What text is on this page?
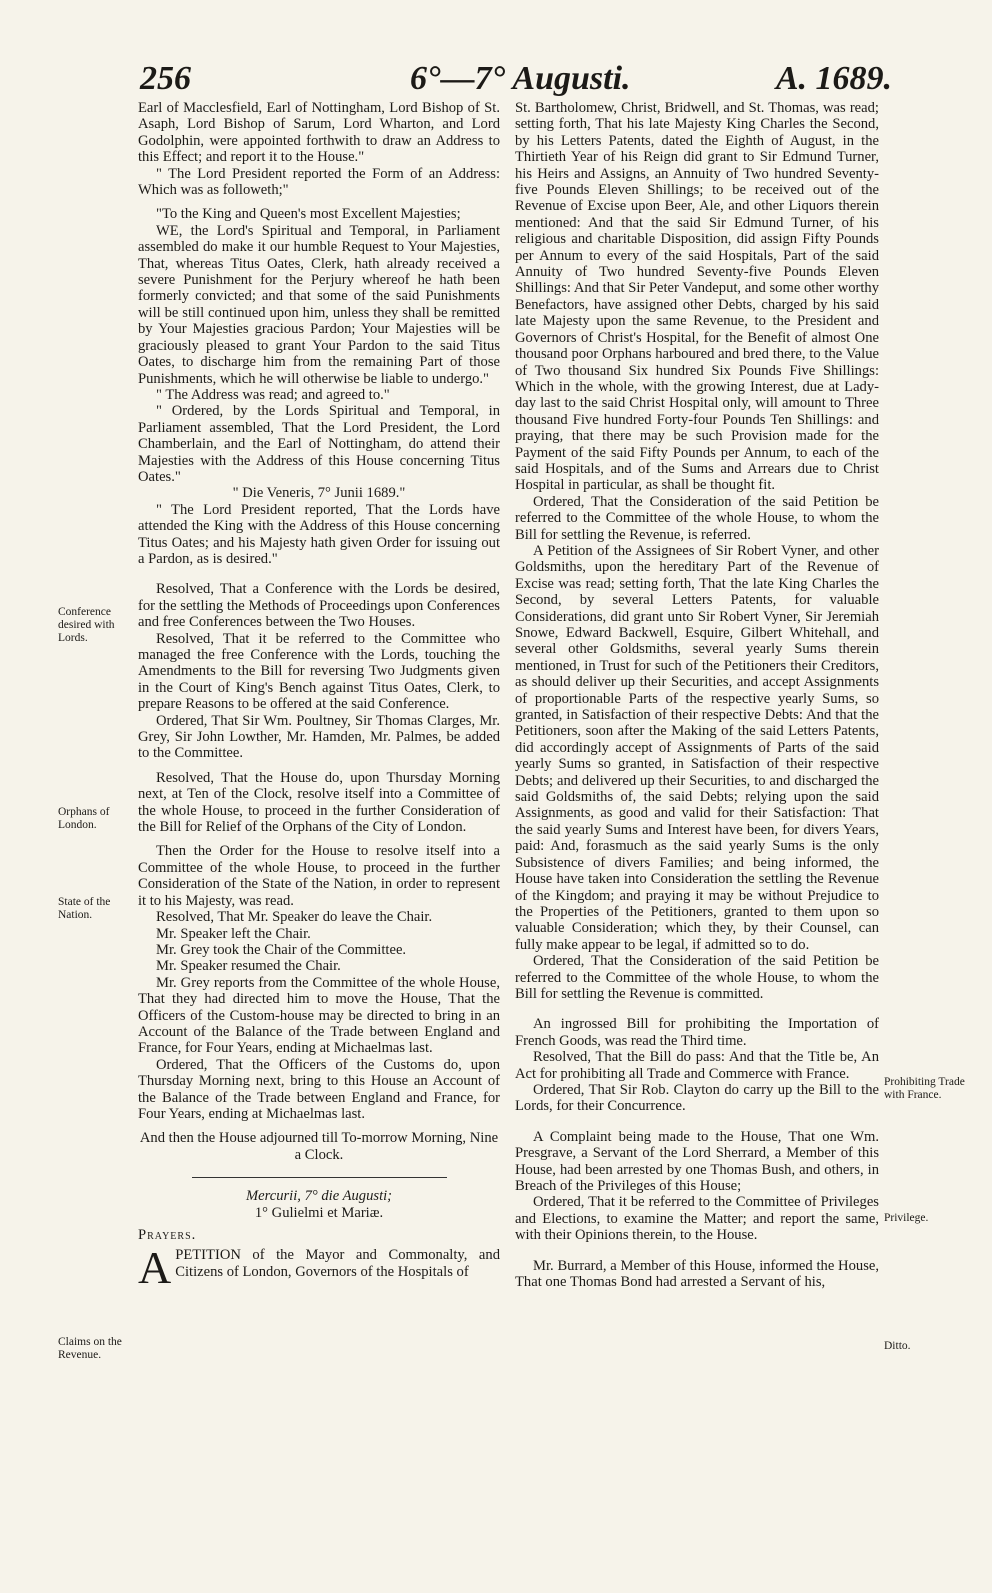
256	6°—7° Augusti.	A. 1689.

Earl of Macclesfield, Earl of Nottingham, Lord Bishop of St. Asaph, Lord Bishop of Sarum, Lord Wharton, and Lord Godolphin, were appointed forthwith to draw an Address to this Effect; and report it to the House."

" The Lord President reported the Form of an Address: Which was as followeth;"

"To the King and Queen's most Excellent Majesties;

WE, the Lord's Spiritual and Temporal, in Parliament assembled do make it our humble Request to Your Majesties, That, whereas Titus Oates, Clerk, hath already received a severe Punishment for the Perjury whereof he hath been formerly convicted; and that some of the said Punishments will be still continued upon him, unless they shall be remitted by Your Majesties gracious Pardon; Your Majesties will be graciously pleased to grant Your Pardon to the said Titus Oates, to discharge him from the remaining Part of those Punishments, which he will otherwise be liable to undergo."

" The Address was read; and agreed to."

" Ordered, by the Lords Spiritual and Temporal, in Parliament assembled, That the Lord President, the Lord Chamberlain, and the Earl of Nottingham, do attend their Majesties with the Address of this House concerning Titus Oates."

" Die Veneris, 7° Junii 1689."

" The Lord President reported, That the Lords have attended the King with the Address of this House concerning Titus Oates; and his Majesty hath given Order for issuing out a Pardon, as is desired."

Resolved, That a Conference with the Lords be desired, for the settling the Methods of Proceedings upon Conferences and free Conferences between the Two Houses.

Resolved, That it be referred to the Committee who managed the free Conference with the Lords, touching the Amendments to the Bill for reversing Two Judgments given in the Court of King's Bench against Titus Oates, Clerk, to prepare Reasons to be offered at the said Conference.

Ordered, That Sir Wm. Poultney, Sir Thomas Clarges, Mr. Grey, Sir John Lowther, Mr. Hamden, Mr. Palmes, be added to the Committee.

Resolved, That the House do, upon Thursday Morning next, at Ten of the Clock, resolve itself into a Committee of the whole House, to proceed in the further Consideration of the Bill for Relief of the Orphans of the City of London.

Then the Order for the House to resolve itself into a Committee of the whole House, to proceed in the further Consideration of the State of the Nation, in order to represent it to his Majesty, was read.

Resolved, That Mr. Speaker do leave the Chair.

Mr. Speaker left the Chair.

Mr. Grey took the Chair of the Committee.

Mr. Speaker resumed the Chair.

Mr. Grey reports from the Committee of the whole House, That they had directed him to move the House, That the Officers of the Custom-house may be directed to bring in an Account of the Balance of the Trade between England and France, for Four Years, ending at Michaelmas last.

Ordered, That the Officers of the Customs do, upon Thursday Morning next, bring to this House an Account of the Balance of the Trade between England and France, for Four Years, ending at Michaelmas last.

And then the House adjourned till To-morrow Morning, Nine a Clock.

Mercurii, 7° die Augusti;

1° Gulielmi et Mariæ.

Prayers.

APETITION of the Mayor and Commonalty, and Citizens of London, Governors of the Hospitals of

St. Bartholomew, Christ, Bridwell, and St. Thomas, was read; setting forth, That his late Majesty King Charles the Second, by his Letters Patents, dated the Eighth of August, in the Thirtieth Year of his Reign did grant to Sir Edmund Turner, his Heirs and Assigns, an Annuity of Two hundred Seventy-five Pounds Eleven Shillings; to be received out of the Revenue of Excise upon Beer, Ale, and other Liquors therein mentioned: And that the said Sir Edmund Turner, of his religious and charitable Disposition, did assign Fifty Pounds per Annum to every of the said Hospitals, Part of the said Annuity of Two hundred Seventy-five Pounds Eleven Shillings: And that Sir Peter Vandeput, and some other worthy Benefactors, have assigned other Debts, charged by his said late Majesty upon the same Revenue, to the President and Governors of Christ's Hospital, for the Benefit of almost One thousand poor Orphans harboured and bred there, to the Value of Two thousand Six hundred Six Pounds Five Shillings: Which in the whole, with the growing Interest, due at Lady-day last to the said Christ Hospital only, will amount to Three thousand Five hundred Forty-four Pounds Ten Shillings: and praying, that there may be such Provision made for the Payment of the said Fifty Pounds per Annum, to each of the said Hospitals, and of the Sums and Arrears due to Christ Hospital in particular, as shall be thought fit.

Ordered, That the Consideration of the said Petition be referred to the Committee of the whole House, to whom the Bill for settling the Revenue, is referred.

A Petition of the Assignees of Sir Robert Vyner, and other Goldsmiths, upon the hereditary Part of the Revenue of Excise was read; setting forth, That the late King Charles the Second, by several Letters Patents, for valuable Considerations, did grant unto Sir Robert Vyner, Sir Jeremiah Snowe, Edward Backwell, Esquire, Gilbert Whitehall, and several other Goldsmiths, several yearly Sums therein mentioned, in Trust for such of the Petitioners their Creditors, as should deliver up their Securities, and accept Assignments of proportionable Parts of the respective yearly Sums, so granted, in Satisfaction of their respective Debts: And that the Petitioners, soon after the Making of the said Letters Patents, did accordingly accept of Assignments of Parts of the said yearly Sums so granted, in Satisfaction of their respective Debts; and delivered up their Securities, to and discharged the said Goldsmiths of, the said Debts; relying upon the said Assignments, as good and valid for their Satisfaction: That the said yearly Sums and Interest have been, for divers Years, paid: And, forasmuch as the said yearly Sums is the only Subsistence of divers Families; and being informed, the House have taken into Consideration the settling the Revenue of the Kingdom; and praying it may be without Prejudice to the Properties of the Petitioners, granted to them upon so valuable Consideration; which they, by their Counsel, can fully make appear to be legal, if admitted so to do.

Ordered, That the Consideration of the said Petition be referred to the Committee of the whole House, to whom the Bill for settling the Revenue is committed.

An ingrossed Bill for prohibiting the Importation of French Goods, was read the Third time.

Resolved, That the Bill do pass: And that the Title be, An Act for prohibiting all Trade and Commerce with France.

Ordered, That Sir Rob. Clayton do carry up the Bill to the Lords, for their Concurrence.

A Complaint being made to the House, That one Wm. Presgrave, a Servant of the Lord Sherrard, a Member of this House, had been arrested by one Thomas Bush, and others, in Breach of the Privileges of this House;

Ordered, That it be referred to the Committee of Privileges and Elections, to examine the Matter; and report the same, with their Opinions therein, to the House.

Mr. Burrard, a Member of this House, informed the House, That one Thomas Bond had arrested a Servant of his,

Conference desired with Lords.
Orphans of London.
State of the Nation.
Claims on the Revenue.
Prohibiting Trade with France.
Privilege.
Ditto.
